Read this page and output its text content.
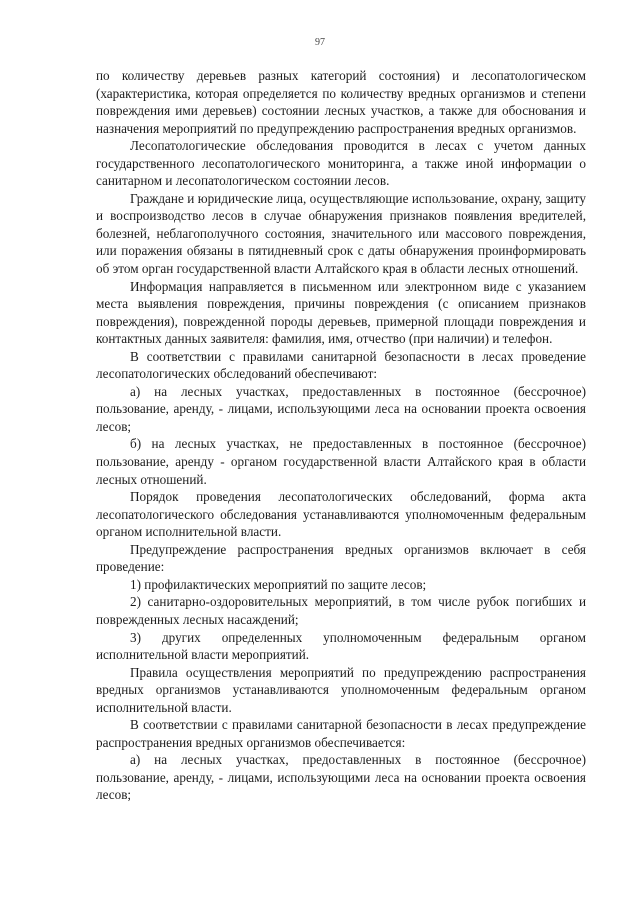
97

по количеству деревьев разных категорий состояния) и лесопатологическом (характеристика, которая определяется по количеству вредных организмов и степени повреждения ими деревьев) состоянии лесных участков, а также для обоснования и назначения мероприятий по предупреждению распространения вредных организмов.

Лесопатологические обследования проводится в лесах с учетом данных государственного лесопатологического мониторинга, а также иной информации о санитарном и лесопатологическом состоянии лесов.

Граждане и юридические лица, осуществляющие использование, охрану, защиту и воспроизводство лесов в случае обнаружения признаков появления вредителей, болезней, неблагополучного состояния, значительного или массового повреждения, или поражения обязаны в пятидневный срок с даты обнаружения проинформировать об этом орган государственной власти Алтайского края в области лесных отношений.

Информация направляется в письменном или электронном виде с указанием места выявления повреждения, причины повреждения (с описанием признаков повреждения), поврежденной породы деревьев, примерной площади повреждения и контактных данных заявителя: фамилия, имя, отчество (при наличии) и телефон.

В соответствии с правилами санитарной безопасности в лесах проведение лесопатологических обследований обеспечивают:

а) на лесных участках, предоставленных в постоянное (бессрочное) пользование, аренду, - лицами, использующими леса на основании проекта освоения лесов;

б) на лесных участках, не предоставленных в постоянное (бессрочное) пользование, аренду - органом государственной власти Алтайского края в области лесных отношений.

Порядок проведения лесопатологических обследований, форма акта лесопатологического обследования устанавливаются уполномоченным федеральным органом исполнительной власти.

Предупреждение распространения вредных организмов включает в себя проведение:

1) профилактических мероприятий по защите лесов;

2) санитарно-оздоровительных мероприятий, в том числе рубок погибших и поврежденных лесных насаждений;

3) других определенных уполномоченным федеральным органом исполнительной власти мероприятий.

Правила осуществления мероприятий по предупреждению распространения вредных организмов устанавливаются уполномоченным федеральным органом исполнительной власти.

В соответствии с правилами санитарной безопасности в лесах предупреждение распространения вредных организмов обеспечивается:

а) на лесных участках, предоставленных в постоянное (бессрочное) пользование, аренду, - лицами, использующими леса на основании проекта освоения лесов;
